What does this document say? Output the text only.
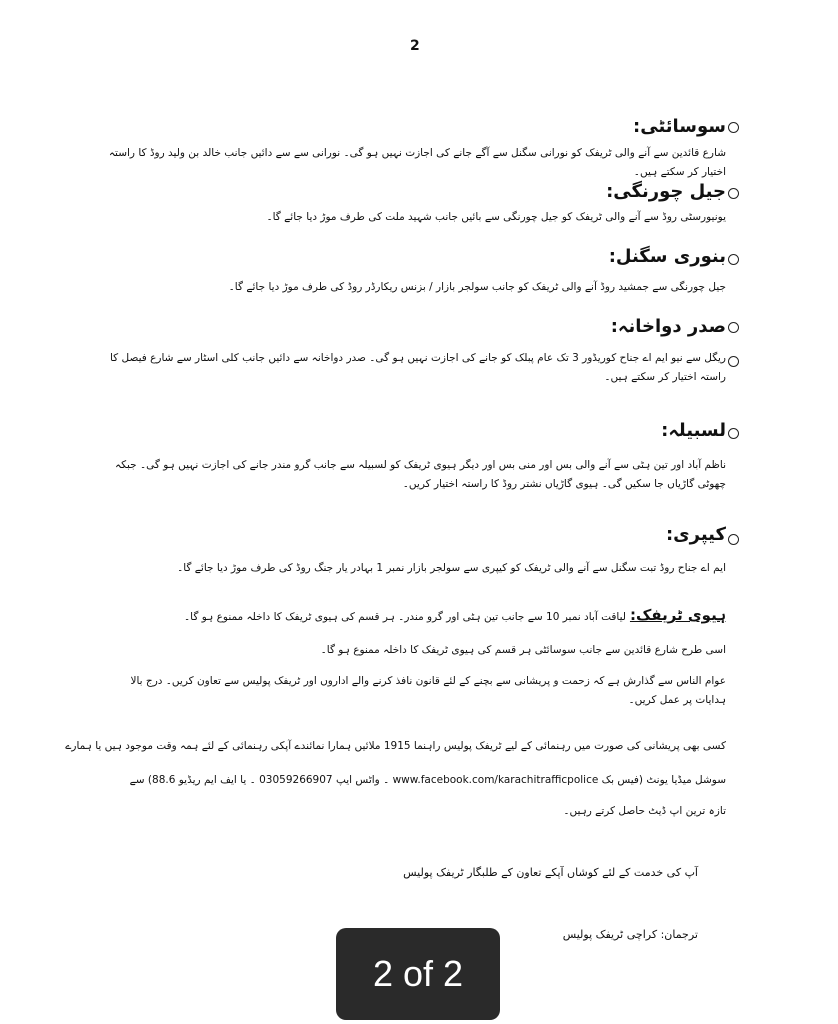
2
سوسائٹی:
شارع قائدین سے آنے والی ٹریفک کو نورانی سگنل سے آگے جانے کی اجازت نہیں ہو گی۔ نورانی سے سے دائیں جانب خالد بن ولید روڈ کا راستہ اختیار کر سکتے ہیں۔
جیل چورنگی:
یونیورسٹی روڈ سے آنے والی ٹریفک کو جیل چورنگی سے بائیں جانب شہید ملت کی طرف موڑ دیا جائے گا۔
بنوری سگنل:
جیل چورنگی سے جمشید روڈ آنے والی ٹریفک کو جانب سولجر بازار / بزنس ریکارڈر روڈ کی طرف موڑ دیا جائے گا۔
صدر دواخانہ:
ریگل سے نیو ایم اے جناح کوریڈور 3 تک عام پبلک کو جانے کی اجازت نہیں ہو گی۔ صدر دواخانہ سے دائیں جانب کلی اسٹار سے شارع فیصل کا راستہ اختیار کر سکتے ہیں۔
لسبیلہ:
ناظم آباد اور تین ہٹی سے آنے والی بس اور منی بس اور دیگر ہیوی ٹریفک کو لسبیلہ سے جانب گرو مندر جانے کی اجازت نہیں ہو گی۔ جبکہ چھوٹی گاڑیاں جا سکیں گی۔ ہیوی گاڑیاں نشتر روڈ کا راستہ اختیار کریں۔
کیپری:
ایم اے جناح روڈ تبت سگنل سے آنے والی ٹریفک کو کیپری سے سولجر بازار نمبر 1 بہادر یار جنگ روڈ کی طرف موڑ دیا جائے گا۔
ہیوی ٹریفک:
لیاقت آباد نمبر 10 سے جانب تین ہٹی اور گرو مندر۔ ہر قسم کی ہیوی ٹریفک کا داخلہ ممنوع ہو گا۔
اسی طرح شارع قائدین سے جانب سوسائٹی ہر قسم کی ہیوی ٹریفک کا داخلہ ممنوع ہو گا۔
عوام الناس سے گذارش ہے کہ زحمت و پریشانی سے بچنے کے لئے قانون نافذ کرنے والے اداروں اور ٹریفک پولیس سے تعاون کریں۔ درج بالا ہدایات پر عمل کریں۔
کسی بھی پریشانی کی صورت میں رہنمائی کے لیے ٹریفک پولیس راہنما 1915 ملائیں ہمارا نمائندے آپکی رہنمائی کے لئے ہمہ وقت موجود ہیں یا ہمارے
سوشل میڈیا یونٹ (فیس بک www.facebook.com/karachitrafficpolice ۔ واٹس ایپ 03059266907 ۔ یا ایف ایم ریڈیو 88.6) سے
تازہ ترین اپ ڈیٹ حاصل کرتے رہیں۔
آپ کی خدمت کے لئے کوشاں آپکے تعاون کے طلبگار ٹریفک پولیس
ترجمان: کراچی ٹریفک پولیس
2 of 2
